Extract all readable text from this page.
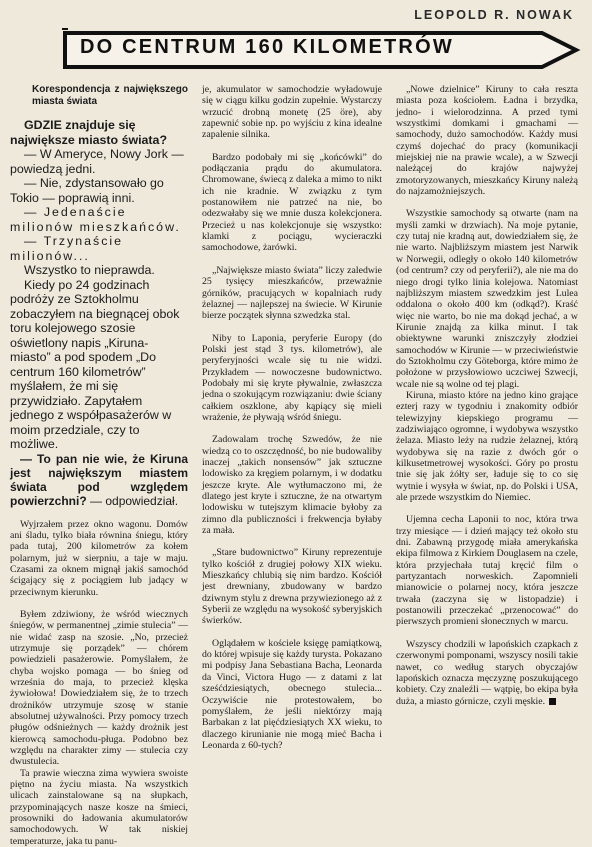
LEOPOLD R. NOWAK
DO CENTRUM 160 KILOMETRÓW
Korespondencja z największego miasta świata

GDZIE znajduje się największe miasto świata?

— W Ameryce, Nowy Jork — powiedzą jedni.

— Nie, zdystansowało go Tokio — poprawią inni.

— Jedenaście milionów mieszkańców.

— Trzynaście milionów...

Wszystko to nieprawda.

Kiedy po 24 godzinach podróży ze Sztokholmu zobaczyłem na biegnącej obok toru kolejowego szosie oświetlony napis „Kiruna-miasto” a pod spodem „Do centrum 160 kilometrów” myślałem, że mi się przywidziało. Zapytałem jednego z współpasażerów w moim przedziale, czy to możliwe.

— To pan nie wie, że Kiruna jest największym miastem świata pod względem powierzchni? — odpowiedział.

Wyjrzałem przez okno wagonu. Domów ani śladu, tylko biała równina śniegu, który pada tutaj, 200 kilometrów za kołem polarnym, już w sierpniu, a taje w maju. Czasami za oknem mignął jakiś samochód ścigający się z pociągiem lub jadący w przeciwnym kierunku.

Byłem zdziwiony, że wśród wiecznych śniegów, w permanentnej „zimie stulecia” — nie widać zasp na szosie. „No, przecież utrzymuje się porządek” — chórem powiedzieli pasażerowie. Pomyślałem, że chyba wojsko pomaga — bo śnieg od września do maja, to przecież klęska żywiołowa! Dowiedziałem się, że to trzech drożników utrzymuje szosę w stanie absolutnej używalności. Przy pomocy trzech pługów odśnieżnych — każdy drożnik jest kierowcą samochodu-pługa. Podobno bez względu na charakter zimy — stulecia czy dwustulecia.

Ta prawie wieczna zima wywiera swoiste piętno na życiu miasta. Na wszystkich ulicach zainstalowane są na słupkach, przypominających nasze kosze na śmieci, prosowniki do ładowania akumulatorów samochodowych. W tak niskiej temperaturze, jaka tu panu-

je, akumulator w samochodzie wyładowuje się w ciągu kilku godzin zupełnie. Wystarczy wrzucić drobną monetę (25 öre), aby zapewnić sobie np. po wyjściu z kina idealne zapalenie silnika.

Bardzo podobały mi się „końcówki” do podłączania prądu do akumulatora. Chromowane, świecą z daleka a mimo to nikt ich nie kradnie. W związku z tym postanowiłem nie patrzeć na nie, bo odezwałaby się we mnie dusza kolekcjonera. Przecież u nas kolekcjonuje się wszystko: klamki z pociągu, wycieraczki samochodowe, żarówki.

„Największe miasto świata” liczy zaledwie 25 tysięcy mieszkańców, przeważnie górników, pracujących w kopalniach rudy żelaznej — najlepszej na świecie. W Kirunie bierze początek słynna szwedzka stal.

Niby to Laponia, peryferie Europy (do Polski jest stąd 3 tys. kilometrów), ale peryferyjności wcale się tu nie widzi. Przykładem — nowoczesne budownictwo. Podobały mi się kryte pływalnie, zwłaszcza jedna o szokującym rozwiązaniu: dwie ściany całkiem oszklone, aby kąpiący się mieli wrażenie, że pływają wśród śniegu.

Zadowalam trochę Szwedów, że nie wiedzą co to oszczędność, bo nie budowaliby inaczej „takich nonsensów” jak sztuczne lodowisko za kręgiem polarnym, i w dodatku jeszcze kryte. Ale wytłumaczono mi, że dlatego jest kryte i sztuczne, że na otwartym lodowisku w tutejszym klimacie byłoby za zimno dla publiczności i frekwencja byłaby za mała.

„Stare budownictwo” Kiruny reprezentuje tylko kościół z drugiej połowy XIX wieku. Mieszkańcy chlubią się nim bardzo. Kościół jest drewniany, zbudowany w bardzo dziwnym stylu z drewna przywiezionego aż z Syberii ze względu na wysokość syberyjskich świerków.

Oglądałem w kościele księgę pamiątkową, do której wpisuje się każdy turysta. Pokazano mi podpisy Jana Sebastiana Bacha, Leonarda da Vinci, Victora Hugo — z datami z lat sześćdziesiątych, obecnego stulecia... Oczywiście nie protestowałem, bo pomyślałem, że jeśli niektórzy mają Barbakan z lat pięćdziesiątych XX wieku, to dlaczego kirunianie nie mogą mieć Bacha i Leonarda z 60-tych?

„Nowe dzielnice” Kiruny to cała reszta miasta poza kościołem. Ładna i brzydka, jedno- i wielorodzinna. A przed tymi wszystkimi domkami i gmachami — samochody, dużo samochodów. Każdy musi czymś dojechać do pracy (komunikacji miejskiej nie na prawie wcale), a w Szwecji należącej do krajów najwyżej zmotoryzowanych, mieszkańcy Kiruny należą do najzamożniejszych.

Wszystkie samochody są otwarte (nam na myśli zamki w drzwiach). Na moje pytanie, czy tutaj nie kradną aut, dowiedziałem się, że nie warto. Najbliższym miastem jest Narwik w Norwegii, odległy o około 140 kilometrów (od centrum? czy od peryferii?), ale nie ma do niego drogi tylko linia kolejowa. Natomiast najbliższym miastem szwedzkim jest Lulea oddalona o około 400 km (odkąd?). Kraść więc nie warto, bo nie ma dokąd jechać, a w Kirunie znajdą za kilka minut. I tak obiektywne warunki zniszczyły złodziei samochodów w Kirunie — w przeciwieństwie do Sztokholmu czy Göteborga, które mimo że położone w przysłowiowo uczciwej Szwecji, wcale nie są wolne od tej plagi.

Kiruna, miasto które na jedno kino grające ezterj razy w tygodniu i znakomity odbiór telewizyjny kiepskiego programu — zadziwiająco ogromne, i wydobywa wszystko żelaza. Miasto leży na rudzie żelaznej, którą wydobywa się na razie z dwóch gór o kilkusetmetrowej wysokości. Góry po prostu tnie się jak żółty ser, ładuje się to co się wytnie i wysyła w świat, np. do Polski i USA, ale przede wszystkim do Niemiec.

Ujemna cecha Laponii to noc, która trwa trzy miesiące — i dzień mający też około stu dni. Zabawną przygodę miała amerykańska ekipa filmowa z Kirkiem Douglasem na czele, która przyjechała tutaj kręcić film o partyzantach norweskich. Zapomnieli mianowicie o polarnej nocy, która jeszcze trwała (zaczyna się w listopadzie) i postanowili przeczekać „przenocować” do pierwszych promieni słonecznych w marcu.

Wszyscy chodzili w lapońskich czapkach z czerwonymi pomponami, wszyscy nosili takie nawet, co według starych obyczajów lapońskich oznacza męczyznę poszukującego kobiety. Czy znaleźli — wątpię, bo ekipa była duża, a miasto górnicze, czyli męskie.
